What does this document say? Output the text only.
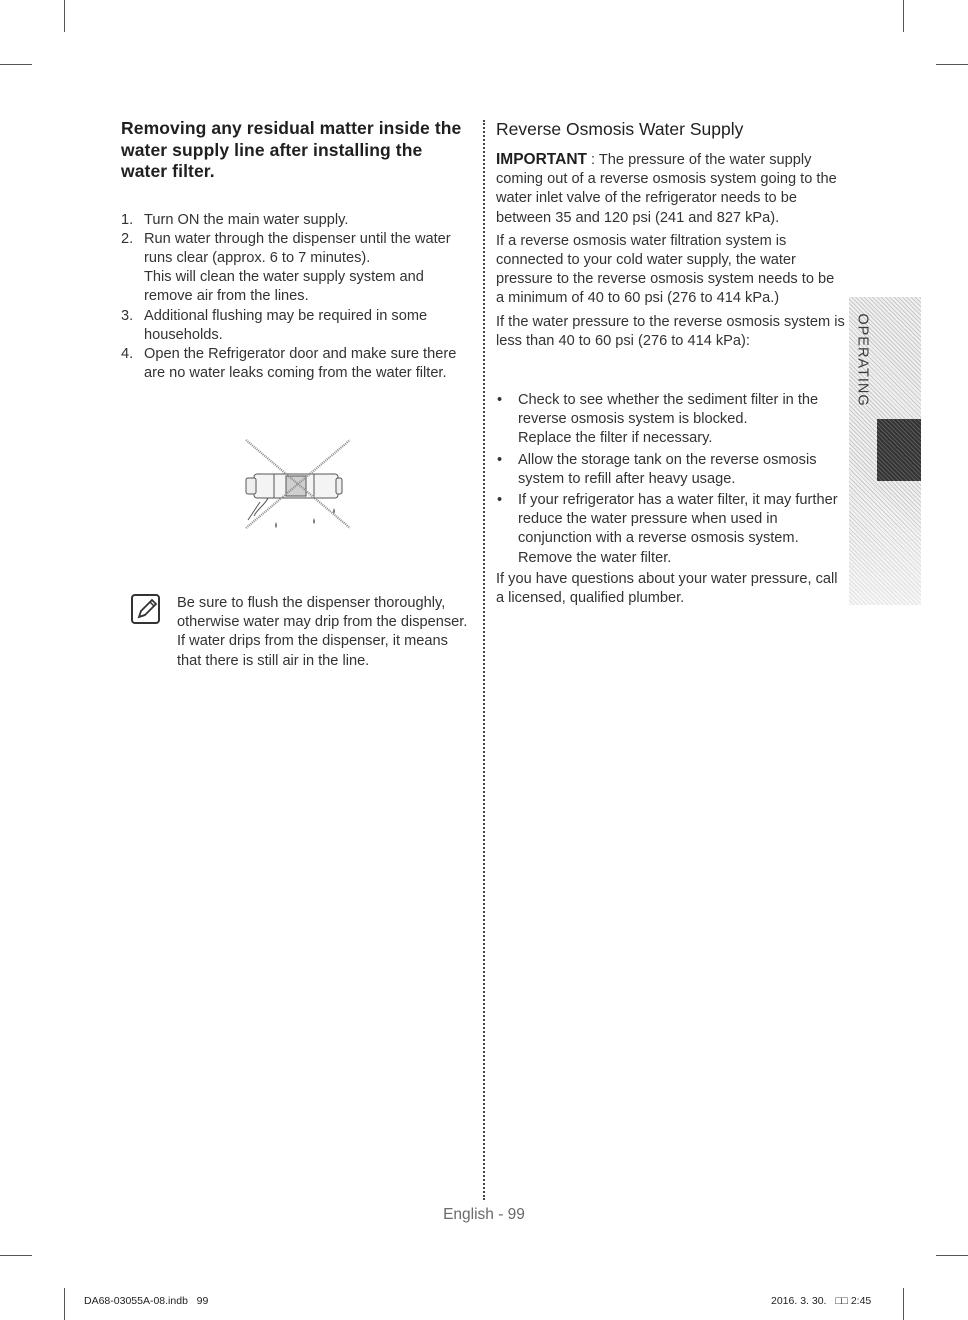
Removing any residual matter inside the water supply line after installing the water filter.
1. Turn ON the main water supply.
2. Run water through the dispenser until the water runs clear (approx. 6 to 7 minutes).
This will clean the water supply system and remove air from the lines.
3. Additional flushing may be required in some households.
4. Open the Refrigerator door and make sure there are no water leaks coming from the water filter.

Be sure to flush the dispenser thoroughly, otherwise water may drip from the dispenser. If water drips from the dispenser, it means that there is still air in the line.

Reverse Osmosis Water Supply

IMPORTANT : The pressure of the water supply coming out of a reverse osmosis system going to the water inlet valve of the refrigerator needs to be between 35 and 120 psi (241 and 827 kPa).

If a reverse osmosis water filtration system is connected to your cold water supply, the water pressure to the reverse osmosis system needs to be a minimum of 40 to 60 psi (276 to 414 kPa.)

If the water pressure to the reverse osmosis system is less than 40 to 60 psi (276 to 414 kPa):

• Check to see whether the sediment filter in the reverse osmosis system is blocked.
Replace the filter if necessary.
• Allow the storage tank on the reverse osmosis system to refill after heavy usage.
• If your refrigerator has a water filter, it may further reduce the water pressure when used in conjunction with a reverse osmosis system.
Remove the water filter.

If you have questions about your water pressure, call a licensed, qualified plumber.

OPERATING
English - 99
DA68-03055A-08.indb   99	2016. 3. 30.   □□ 2:45
